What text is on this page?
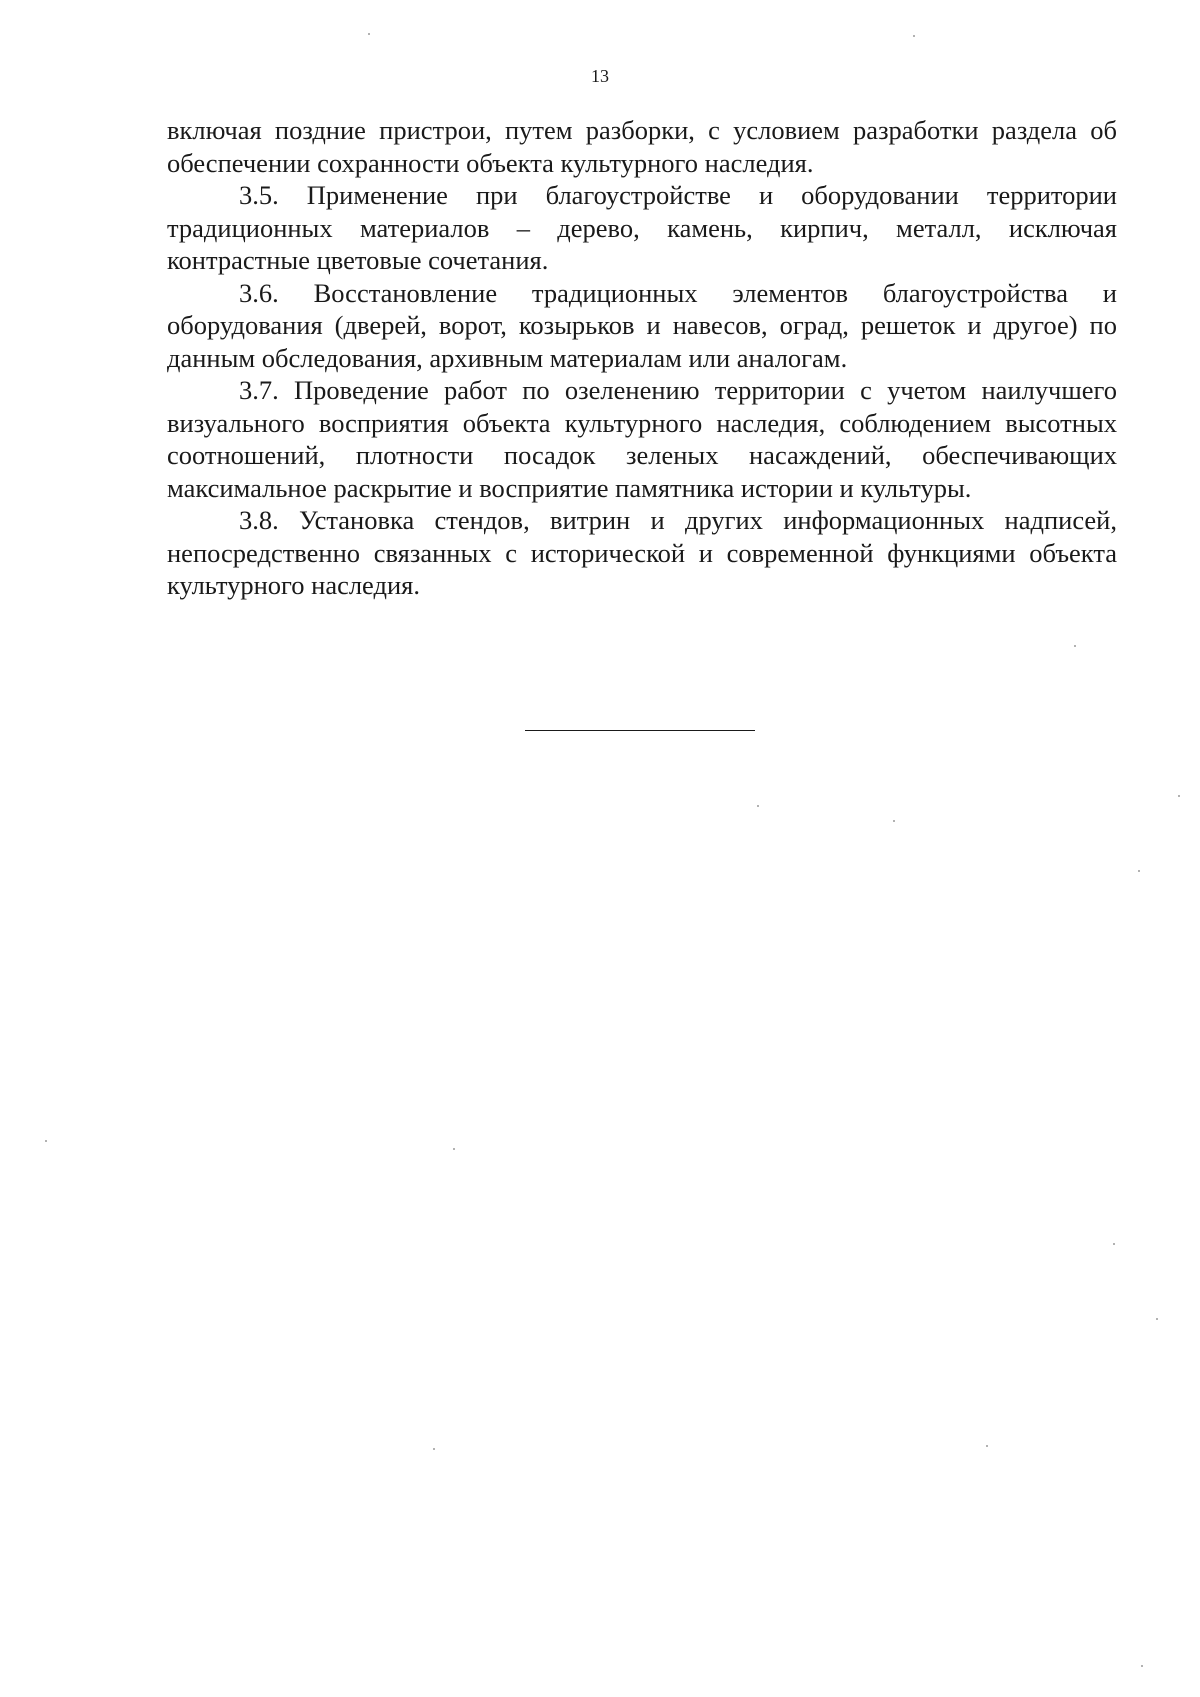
13

включая поздние пристрои, путем разборки, с условием разработки раздела об обеспечении сохранности объекта культурного наследия.

3.5. Применение при благоустройстве и оборудовании территории традиционных материалов – дерево, камень, кирпич, металл, исключая контрастные цветовые сочетания.

3.6. Восстановление традиционных элементов благоустройства и оборудования (дверей, ворот, козырьков и навесов, оград, решеток и другое) по данным обследования, архивным материалам или аналогам.

3.7. Проведение работ по озеленению территории с учетом наилучшего визуального восприятия объекта культурного наследия, соблюдением высотных соотношений, плотности посадок зеленых насаждений, обеспечивающих максимальное раскрытие и восприятие памятника истории и культуры.

3.8. Установка стендов, витрин и других информационных надписей, непосредственно связанных с исторической и современной функциями объекта культурного наследия.
